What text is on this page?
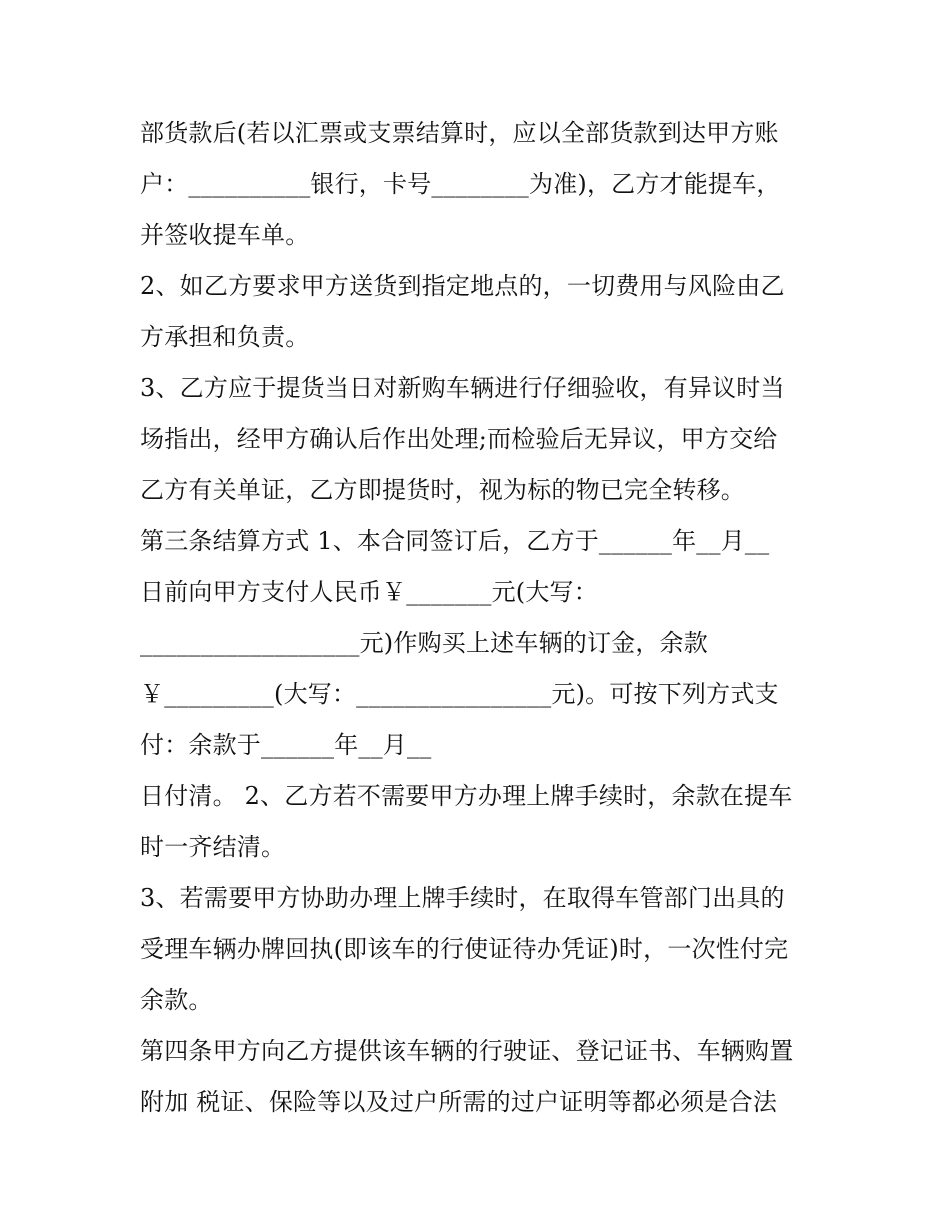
部货款后(若以汇票或支票结算时，应以全部货款到达甲方账
户：__________银行，卡号________为准)，乙方才能提车，
并签收提车单。
2、如乙方要求甲方送货到指定地点的，一切费用与风险由乙
方承担和负责。
3、乙方应于提货当日对新购车辆进行仔细验收，有异议时当
场指出，经甲方确认后作出处理;而检验后无异议，甲方交给
乙方有关单证，乙方即提货时，视为标的物已完全转移。
第三条结算方式 1、本合同签订后，乙方于______年__月__
日前向甲方支付人民币￥_______元(大写：
__________________元)作购买上述车辆的订金，余款
￥_________(大写：________________元)。可按下列方式支
付：余款于______年__月__
日付清。 2、乙方若不需要甲方办理上牌手续时，余款在提车
时一齐结清。
3、若需要甲方协助办理上牌手续时，在取得车管部门出具的
受理车辆办牌回执(即该车的行使证待办凭证)时，一次性付完
余款。
第四条甲方向乙方提供该车辆的行驶证、登记证书、车辆购置
附加 税证、保险等以及过户所需的过户证明等都必须是合法
